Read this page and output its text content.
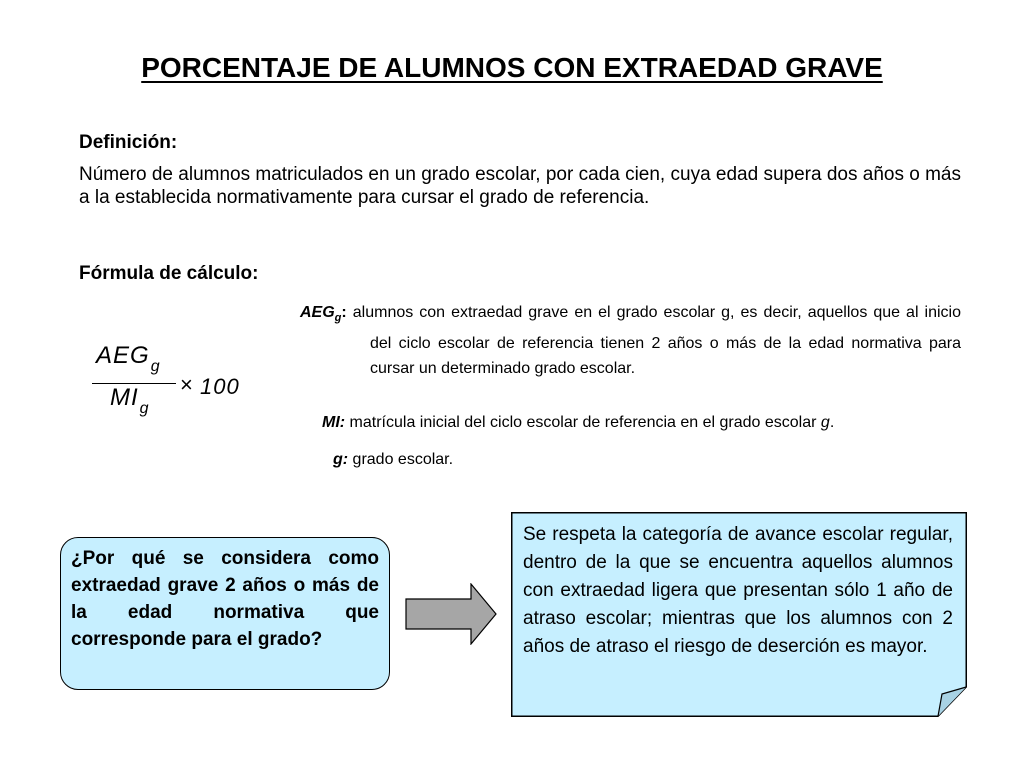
PORCENTAJE DE ALUMNOS CON EXTRAEDAD GRAVE
Definición:
Número de alumnos matriculados en un grado escolar, por cada cien, cuya edad supera dos años o más a la establecida normativamente para cursar el grado de referencia.
Fórmula de cálculo:
$AEG_g$
$MI_g$
× 100
$AEG_g$: alumnos con extraedad grave en el grado escolar g, es decir, aquellos que al inicio del ciclo escolar de referencia tienen 2 años o más de la edad normativa para cursar un determinado grado escolar.
MI: matrícula inicial del ciclo escolar de referencia en el grado escolar g.
g: grado escolar.
¿Por qué se considera como extraedad grave 2 años o más de la edad normativa que corresponde para el grado?
Se respeta la categoría de avance escolar regular, dentro de la que se encuentra aquellos alumnos con extraedad ligera que presentan sólo 1 año de atraso escolar; mientras que los alumnos con 2 años de atraso el riesgo de deserción es mayor.
